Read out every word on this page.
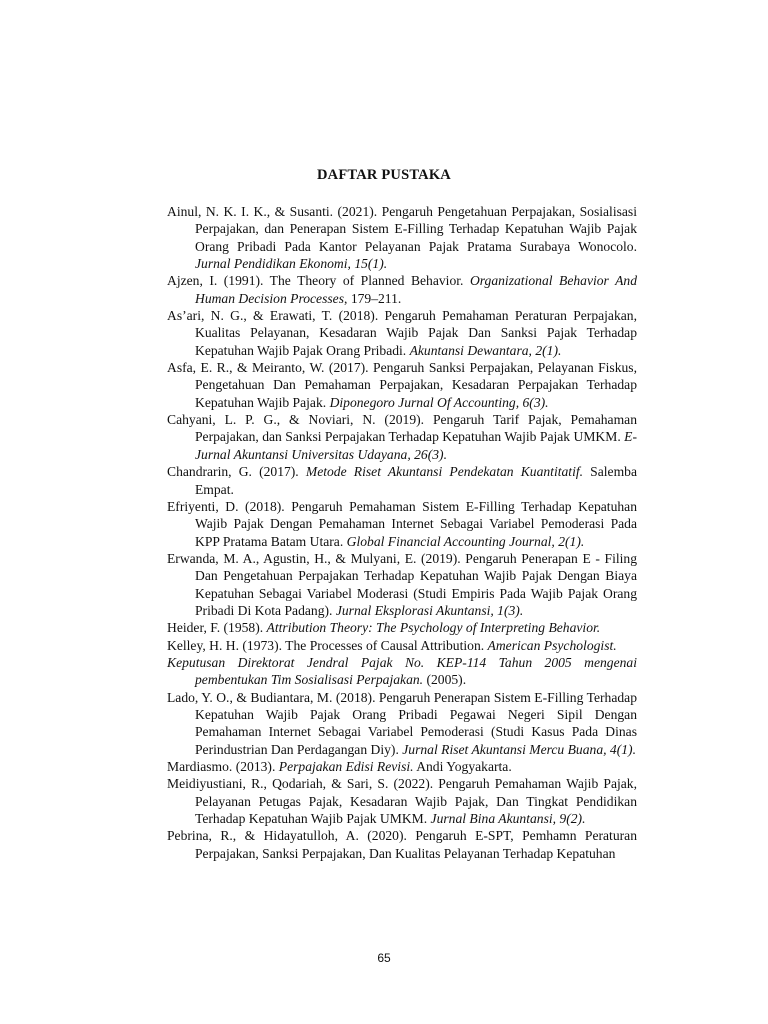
DAFTAR PUSTAKA
Ainul, N. K. I. K., & Susanti. (2021). Pengaruh Pengetahuan Perpajakan, Sosialisasi Perpajakan, dan Penerapan Sistem E-Filling Terhadap Kepatuhan Wajib Pajak Orang Pribadi Pada Kantor Pelayanan Pajak Pratama Surabaya Wonocolo. Jurnal Pendidikan Ekonomi, 15(1).
Ajzen, I. (1991). The Theory of Planned Behavior. Organizational Behavior And Human Decision Processes, 179–211.
As’ari, N. G., & Erawati, T. (2018). Pengaruh Pemahaman Peraturan Perpajakan, Kualitas Pelayanan, Kesadaran Wajib Pajak Dan Sanksi Pajak Terhadap Kepatuhan Wajib Pajak Orang Pribadi. Akuntansi Dewantara, 2(1).
Asfa, E. R., & Meiranto, W. (2017). Pengaruh Sanksi Perpajakan, Pelayanan Fiskus, Pengetahuan Dan Pemahaman Perpajakan, Kesadaran Perpajakan Terhadap Kepatuhan Wajib Pajak. Diponegoro Jurnal Of Accounting, 6(3).
Cahyani, L. P. G., & Noviari, N. (2019). Pengaruh Tarif Pajak, Pemahaman Perpajakan, dan Sanksi Perpajakan Terhadap Kepatuhan Wajib Pajak UMKM. E-Jurnal Akuntansi Universitas Udayana, 26(3).
Chandrarin, G. (2017). Metode Riset Akuntansi Pendekatan Kuantitatif. Salemba Empat.
Efriyenti, D. (2018). Pengaruh Pemahaman Sistem E-Filling Terhadap Kepatuhan Wajib Pajak Dengan Pemahaman Internet Sebagai Variabel Pemoderasi Pada KPP Pratama Batam Utara. Global Financial Accounting Journal, 2(1).
Erwanda, M. A., Agustin, H., & Mulyani, E. (2019). Pengaruh Penerapan E - Filing Dan Pengetahuan Perpajakan Terhadap Kepatuhan Wajib Pajak Dengan Biaya Kepatuhan Sebagai Variabel Moderasi (Studi Empiris Pada Wajib Pajak Orang Pribadi Di Kota Padang). Jurnal Eksplorasi Akuntansi, 1(3).
Heider, F. (1958). Attribution Theory: The Psychology of Interpreting Behavior.
Kelley, H. H. (1973). The Processes of Causal Attribution. American Psychologist.
Keputusan Direktorat Jendral Pajak No. KEP-114 Tahun 2005 mengenai pembentukan Tim Sosialisasi Perpajakan. (2005).
Lado, Y. O., & Budiantara, M. (2018). Pengaruh Penerapan Sistem E-Filling Terhadap Kepatuhan Wajib Pajak Orang Pribadi Pegawai Negeri Sipil Dengan Pemahaman Internet Sebagai Variabel Pemoderasi (Studi Kasus Pada Dinas Perindustrian Dan Perdagangan Diy). Jurnal Riset Akuntansi Mercu Buana, 4(1).
Mardiasmo. (2013). Perpajakan Edisi Revisi. Andi Yogyakarta.
Meidiyustiani, R., Qodariah, & Sari, S. (2022). Pengaruh Pemahaman Wajib Pajak, Pelayanan Petugas Pajak, Kesadaran Wajib Pajak, Dan Tingkat Pendidikan Terhadap Kepatuhan Wajib Pajak UMKM. Jurnal Bina Akuntansi, 9(2).
Pebrina, R., & Hidayatulloh, A. (2020). Pengaruh E-SPT, Pemhamn Peraturan Perpajakan, Sanksi Perpajakan, Dan Kualitas Pelayanan Terhadap Kepatuhan
65
